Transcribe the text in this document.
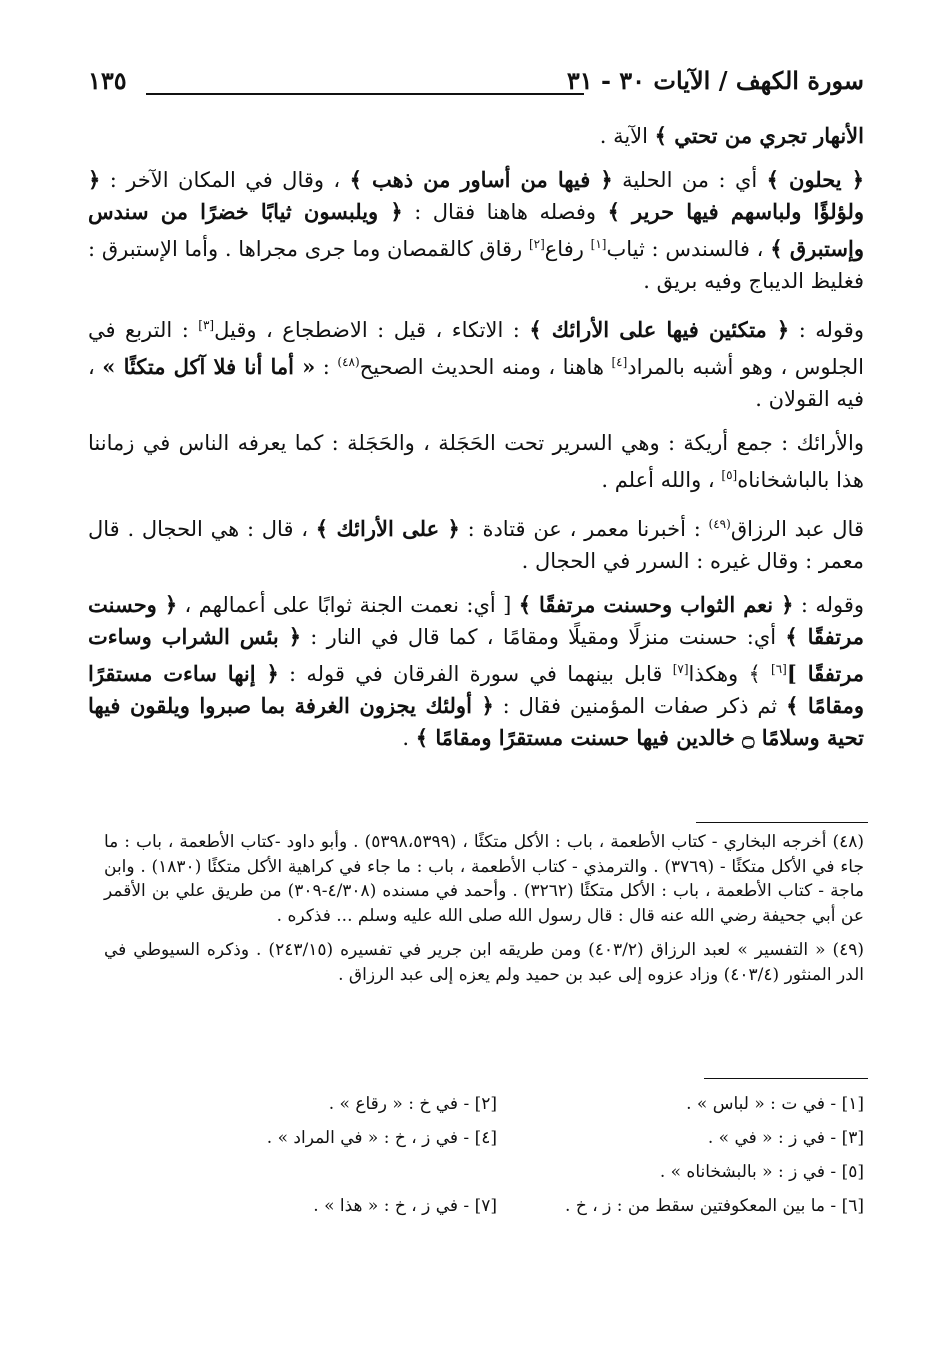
سورة الكهف / الآيات ٣٠ - ٣١
١٣٥

الأنهار تجري من تحتي ﴾ الآية .

﴿ يحلون ﴾ أي : من الحلية ﴿ فيها من أساور من ذهب ﴾ ، وقال في المكان الآخر : ﴿ ولؤلؤًا ولباسهم فيها حرير ﴾ وفصله هاهنا فقال : ﴿ ويلبسون ثيابًا خضرًا من سندس وإستبرق ﴾ ، فالسندس : ثياب[١] رفاع[٢] رقاق كالقمصان وما جرى مجراها . وأما الإستبرق : فغليظ الديباج وفيه بريق .

وقوله : ﴿ متكئين فيها على الأرائك ﴾ : الاتكاء ، قيل : الاضطجاع ، وقيل[٣] : التربع في الجلوس ، وهو أشبه بالمراد[٤] هاهنا ، ومنه الحديث الصحيح$^{(٤٨)}$ : « أما أنا فلا آكل متكئًا » ، فيه القولان .

والأرائك : جمع أريكة : وهي السرير تحت الحَجَلة ، والحَجَلة : كما يعرفه الناس في زماننا هذا بالباشخاناه[٥] ، والله أعلم .

قال عبد الرزاق$^{(٤٩)}$ : أخبرنا معمر ، عن قتادة : ﴿ على الأرائك ﴾ ، قال : هي الحجال . قال معمر : وقال غيره : السرر في الحجال .

وقوله : ﴿ نعم الثواب وحسنت مرتفقًا ﴾ [ أي: نعمت الجنة ثوابًا على أعمالهم ، ﴿ وحسنت مرتفقًا ﴾ أي: حسنت منزلًا ومقيلًا ومقامًا ، كما قال في النار : ﴿ بئس الشراب وساءت مرتفقًا ][٦] ﴾ وهكذا[٧] قابل بينهما في سورة الفرقان في قوله : ﴿ إنها ساءت مستقرًا ومقامًا ﴾ ثم ذكر صفات المؤمنين فقال : ﴿ أولئك يجزون الغرفة بما صبروا ويلقون فيها تحية وسلامًا ۝ خالدين فيها حسنت مستقرًا ومقامًا ﴾ .

(٤٨) أخرجه البخاري - كتاب الأطعمة ، باب : الأكل متكئًا ، (٥٣٩٨،٥٣٩٩) . وأبو داود -كتاب الأطعمة ، باب : ما جاء في الأكل متكئًا - (٣٧٦٩) . والترمذي - كتاب الأطعمة ، باب : ما جاء في كراهية الأكل متكئًا (١٨٣٠) . وابن ماجة - كتاب الأطعمة ، باب : الأكل متكئًا (٣٢٦٢) . وأحمد في مسنده (٤/٣٠٨-٣٠٩) من طريق علي بن الأقمر عن أبي جحيفة رضي الله عنه قال : قال رسول الله صلى الله عليه وسلم ... فذكره .

(٤٩) « التفسير » لعبد الرزاق (٤٠٣/٢) ومن طريقه ابن جرير في تفسيره (٢٤٣/١٥) . وذكره السيوطي في الدر المنثور (٤٠٣/٤) وزاد عزوه إلى عبد بن حميد ولم يعزه إلى عبد الرزاق .

[١] - في ت : « لباس » .
[٢] - في خ : « رقاع » .
[٣] - في ز : « في » .
[٤] - في ز ، خ : « في المراد » .
[٥] - في ز : « بالبشخاناه » .
[٦] - ما بين المعكوفتين سقط من : ز ، خ .
[٧] - في ز ، خ : « هذا » .
